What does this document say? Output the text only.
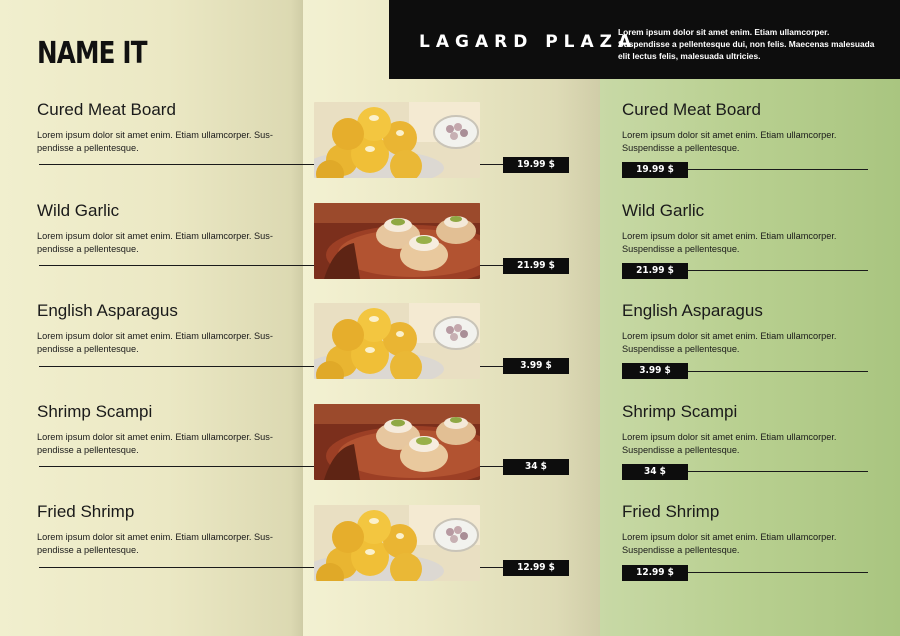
NAME IT	LAGARD PLAZA
Lorem ipsum dolor sit amet enim. Etiam ullamcorper. Suspendisse a pellentesque dui, non felis. Maecenas malesuada elit lectus felis, malesuada ultricies.
Cured Meat Board
Lorem ipsum dolor sit amet enim. Etiam ullamcorper. Sus-pendisse a pellentesque.
Wild Garlic
Lorem ipsum dolor sit amet enim. Etiam ullamcorper. Sus-pendisse a pellentesque.
English Asparagus
Lorem ipsum dolor sit amet enim. Etiam ullamcorper. Sus-pendisse a pellentesque.
Shrimp Scampi
Lorem ipsum dolor sit amet enim. Etiam ullamcorper. Sus-pendisse a pellentesque.
Fried Shrimp
Lorem ipsum dolor sit amet enim. Etiam ullamcorper. Sus-pendisse a pellentesque.
19.99 $
21.99 $
3.99 $
34 $
12.99 $
Cured Meat Board
Lorem ipsum dolor sit amet enim. Etiam ullamcorper. Suspendisse a pellentesque.
Wild Garlic
Lorem ipsum dolor sit amet enim. Etiam ullamcorper. Suspendisse a pellentesque.
English Asparagus
Lorem ipsum dolor sit amet enim. Etiam ullamcorper. Suspendisse a pellentesque.
Shrimp Scampi
Lorem ipsum dolor sit amet enim. Etiam ullamcorper. Suspendisse a pellentesque.
Fried Shrimp
Lorem ipsum dolor sit amet enim. Etiam ullamcorper. Suspendisse a pellentesque.
19.99 $
21.99 $
3.99 $
34 $
12.99 $
